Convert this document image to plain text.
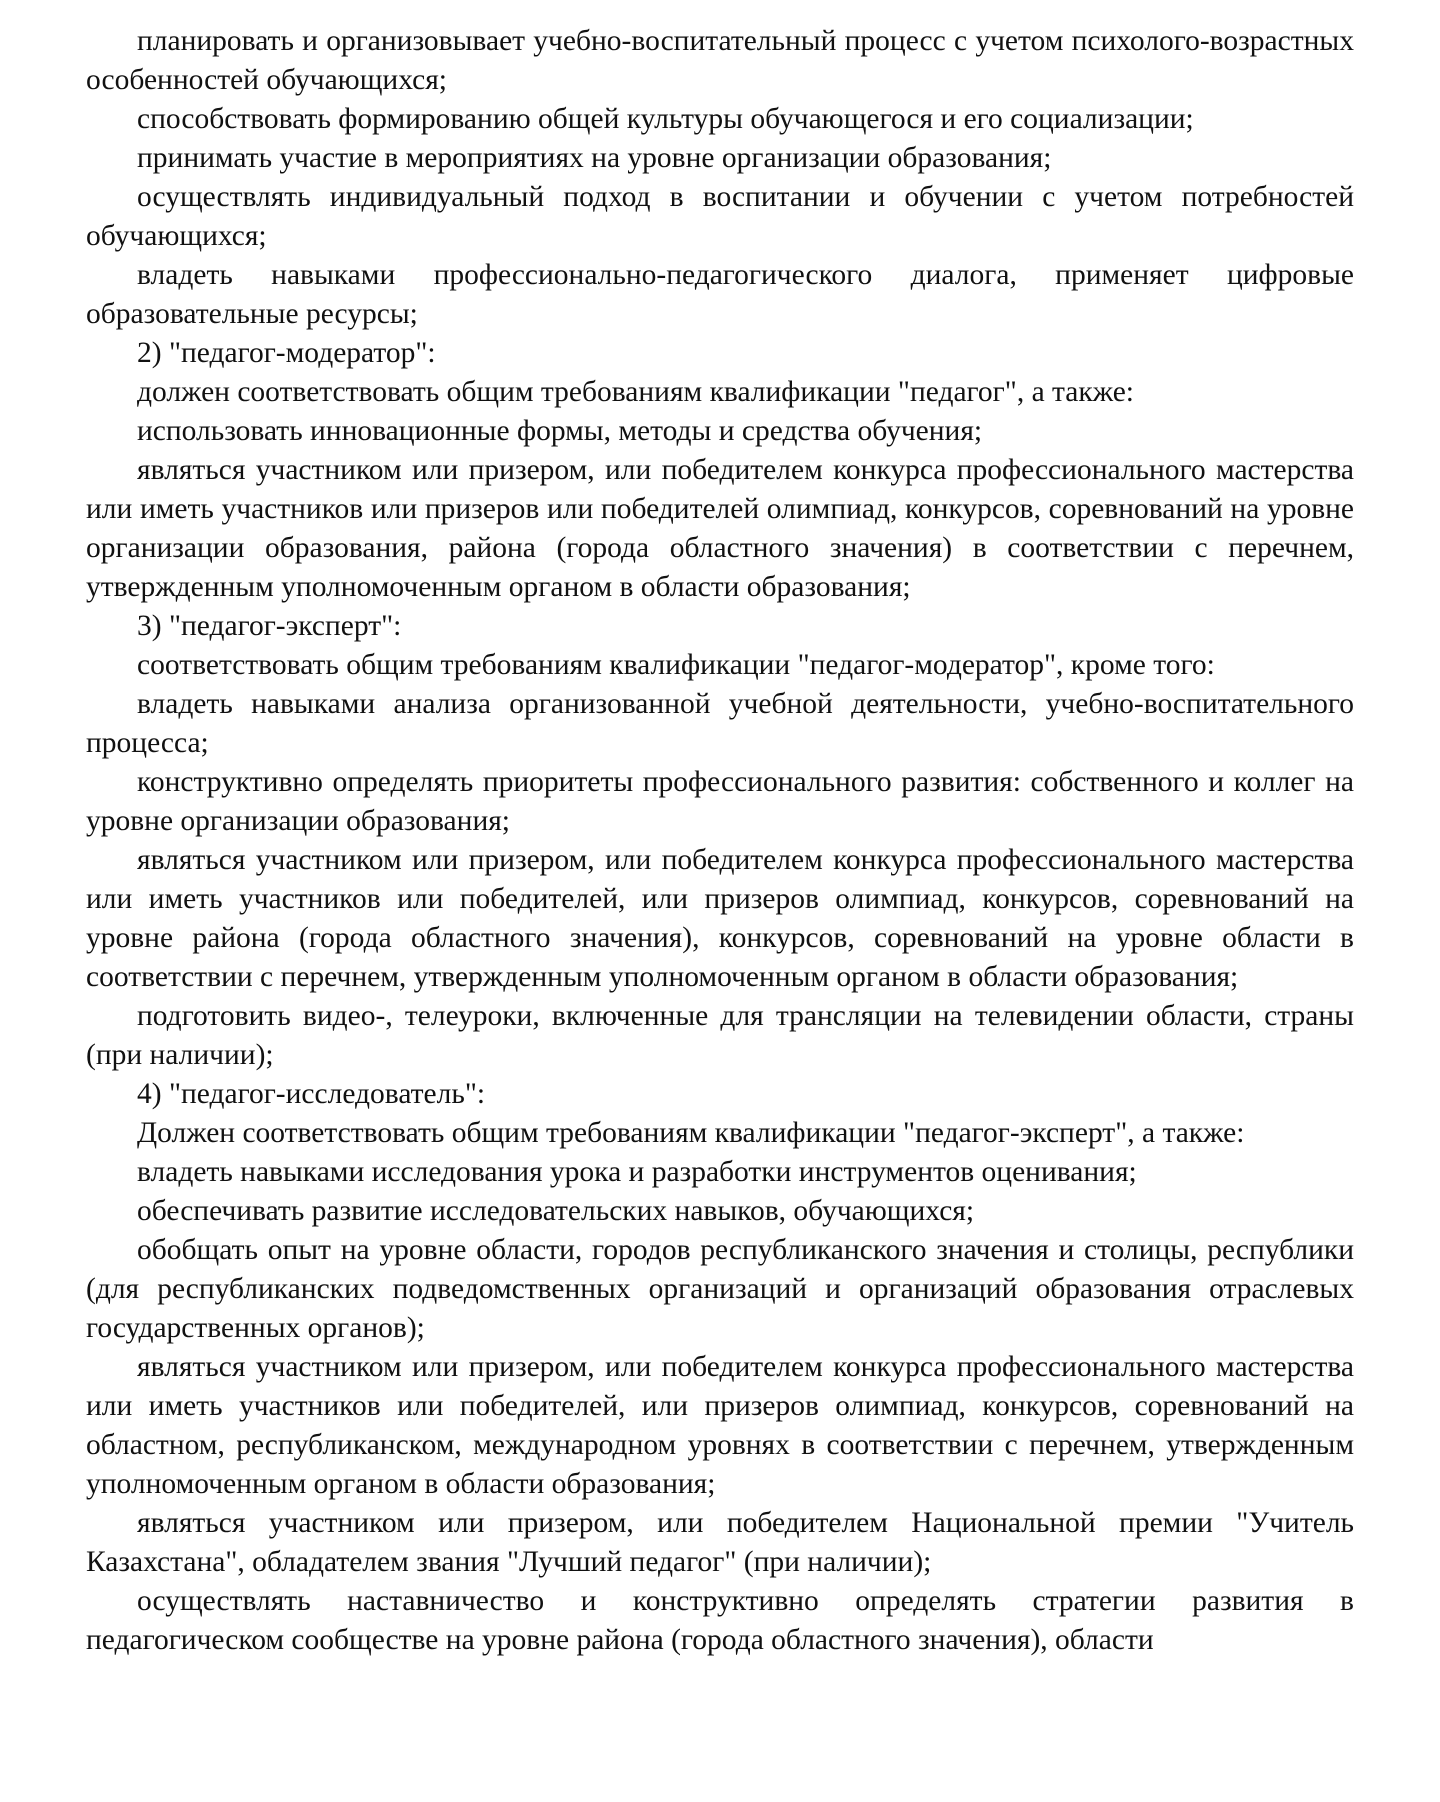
планировать и организовывает учебно-воспитательный процесс с учетом психолого-возрастных особенностей обучающихся;

способствовать формированию общей культуры обучающегося и его социализации;

принимать участие в мероприятиях на уровне организации образования;

осуществлять индивидуальный подход в воспитании и обучении с учетом потребностей обучающихся;

владеть навыками профессионально-педагогического диалога, применяет цифровые образовательные ресурсы;

2) "педагог-модератор":

должен соответствовать общим требованиям квалификации "педагог", а также:

использовать инновационные формы, методы и средства обучения;

являться участником или призером, или победителем конкурса профессионального мастерства или иметь участников или призеров или победителей олимпиад, конкурсов, соревнований на уровне организации образования, района (города областного значения) в соответствии с перечнем, утвержденным уполномоченным органом в области образования;

3) "педагог-эксперт":

соответствовать общим требованиям квалификации "педагог-модератор", кроме того:

владеть навыками анализа организованной учебной деятельности, учебно-воспитательного процесса;

конструктивно определять приоритеты профессионального развития: собственного и коллег на уровне организации образования;

являться участником или призером, или победителем конкурса профессионального мастерства или иметь участников или победителей, или призеров олимпиад, конкурсов, соревнований на уровне района (города областного значения), конкурсов, соревнований на уровне области в соответствии с перечнем, утвержденным уполномоченным органом в области образования;

подготовить видео-, телеуроки, включенные для трансляции на телевидении области, страны (при наличии);

4) "педагог-исследователь":

Должен соответствовать общим требованиям квалификации "педагог-эксперт", а также:

владеть навыками исследования урока и разработки инструментов оценивания;

обеспечивать развитие исследовательских навыков, обучающихся;

обобщать опыт на уровне области, городов республиканского значения и столицы, республики (для республиканских подведомственных организаций и организаций образования отраслевых государственных органов);

являться участником или призером, или победителем конкурса профессионального мастерства или иметь участников или победителей, или призеров олимпиад, конкурсов, соревнований на областном, республиканском, международном уровнях в соответствии с перечнем, утвержденным уполномоченным органом в области образования;

являться участником или призером, или победителем Национальной премии "Учитель Казахстана", обладателем звания "Лучший педагог" (при наличии);

осуществлять наставничество и конструктивно определять стратегии развития в педагогическом сообществе на уровне района (города областного значения), области
